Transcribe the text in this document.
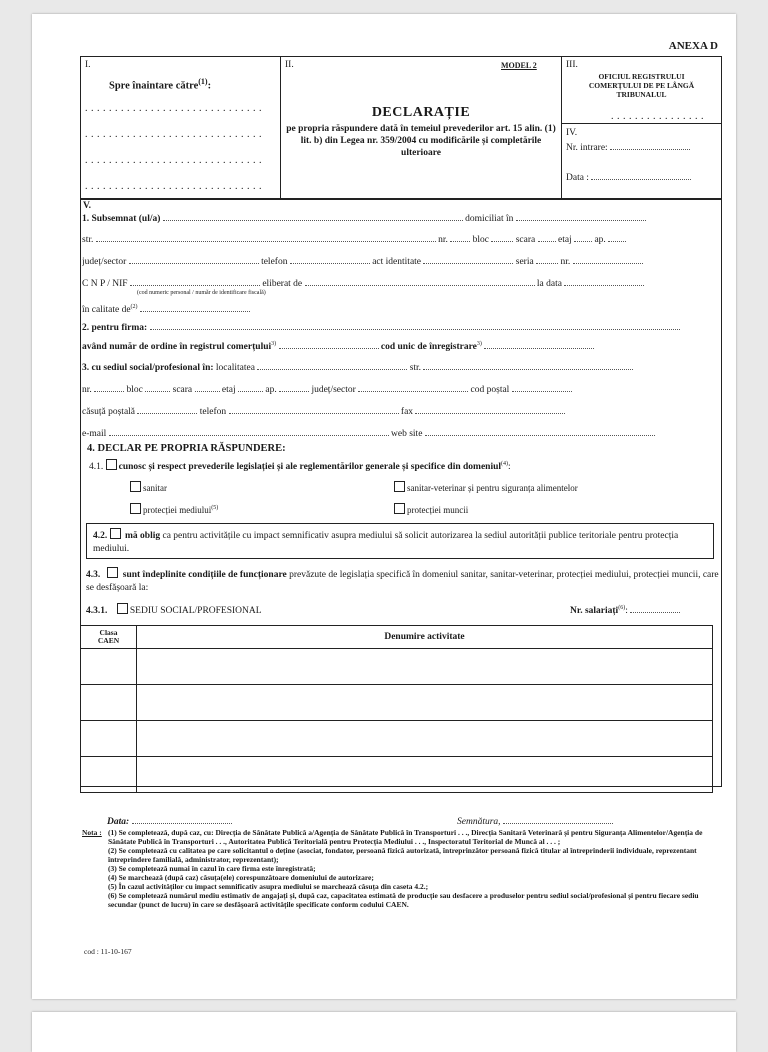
ANEXA D
I.
Spre înaintare către$^{(1)}$:
. . . . . . . . . . . . . . . . . . . . . . . . . . . . . .
. . . . . . . . . . . . . . . . . . . . . . . . . . . . . .
. . . . . . . . . . . . . . . . . . . . . . . . . . . . . .
. . . . . . . . . . . . . . . . . . . . . . . . . . . . . .
II.	MODEL 2
DECLARAȚIE
pe propria răspundere dată în temeiul prevederilor art. 15 alin. (1) lit. b) din Legea nr. 359/2004 cu modificările și completările ulterioare
III.
OFICIUL REGISTRULUI
COMERȚULUI DE PE LÂNGĂ
TRIBUNALUL
. . . . . . . . . . . . . . . .
IV.
Nr. intrare:
Data :
V.
1. Subsemnat (ul/a)	domiciliat în
str.	nr.	bloc	scara etaj ap.
județ/sector	telefon	act identitate	seria	nr.
C N P / NIF	eliberat de	la data
(cod numeric personal / număr de identificare fiscală)
în calitate $de^{(2)}$
2. pentru firma:
având număr de ordine în registrul comerțului$^{3)}$	cod unic de înregistrare$^{3)}$
3. cu sediul social/profesional în: localitatea	str.
nr.	bloc	scara	etaj	ap.	județ/sector	cod poștal
căsuță poștală	telefon	fax
e-mail	web site
4. DECLAR PE PROPRIA RĂSPUNDERE:
4.1. cunosc și respect prevederile legislației și ale reglementărilor generale și specifice din domeniul$^{(4)}$:
sanitar	sanitar-veterinar și pentru siguranța alimentelor
protecției mediului$^{(5)}$	protecției muncii
4.2. mă oblig ca pentru activitățile cu impact semnificativ asupra mediului să solicit autorizarea la sediul autorității publice teritoriale pentru protecția mediului.
4.3. sunt îndeplinite condițiile de funcționare prevăzute de legislația specifică în domeniul sanitar, sanitar-veterinar, protecției mediului, protecției muncii, care se desfășoară la:
4.3.1. SEDIU SOCIAL/PROFESIONAL	Nr. salariați$^{(6)}$:
Clasa
CAEN	Denumire activitate

Data:	Semnătura,
Nota : (1) Se completează, după caz, cu: Direcția de Sănătate Publică a/Agenția de Sănătate Publică în Transporturi . . ., Direcția Sanitară Veterinară și pentru Siguranța Alimentelor/Agenția de Sănătate Publică în Transporturi . . ., Autoritatea Publică Teritorială pentru Protecția Mediului . . ., Inspectoratul Teritorial de Muncă al . . . ;
(2) Se completează cu calitatea pe care solicitantul o deține (asociat, fondator, persoană fizică autorizată, întreprinzător persoană fizică titular al întreprinderii individuale, reprezentant întreprindere familială, administrator, reprezentant);
(3) Se completează numai în cazul în care firma este înregistrată;
(4) Se marchează (după caz) căsuța(ele) corespunzătoare domeniului de autorizare;
(5) În cazul activităților cu impact semnificativ asupra mediului se marchează căsuța din caseta 4.2.;
(6) Se completează numărul mediu estimativ de angajați și, după caz, capacitatea estimată de producție sau desfacere a produselor pentru sediul social/profesional și pentru fiecare sediu secundar (punct de lucru) în care se desfășoară activitățile specificate conform codului CAEN.
cod : 11-10-167
